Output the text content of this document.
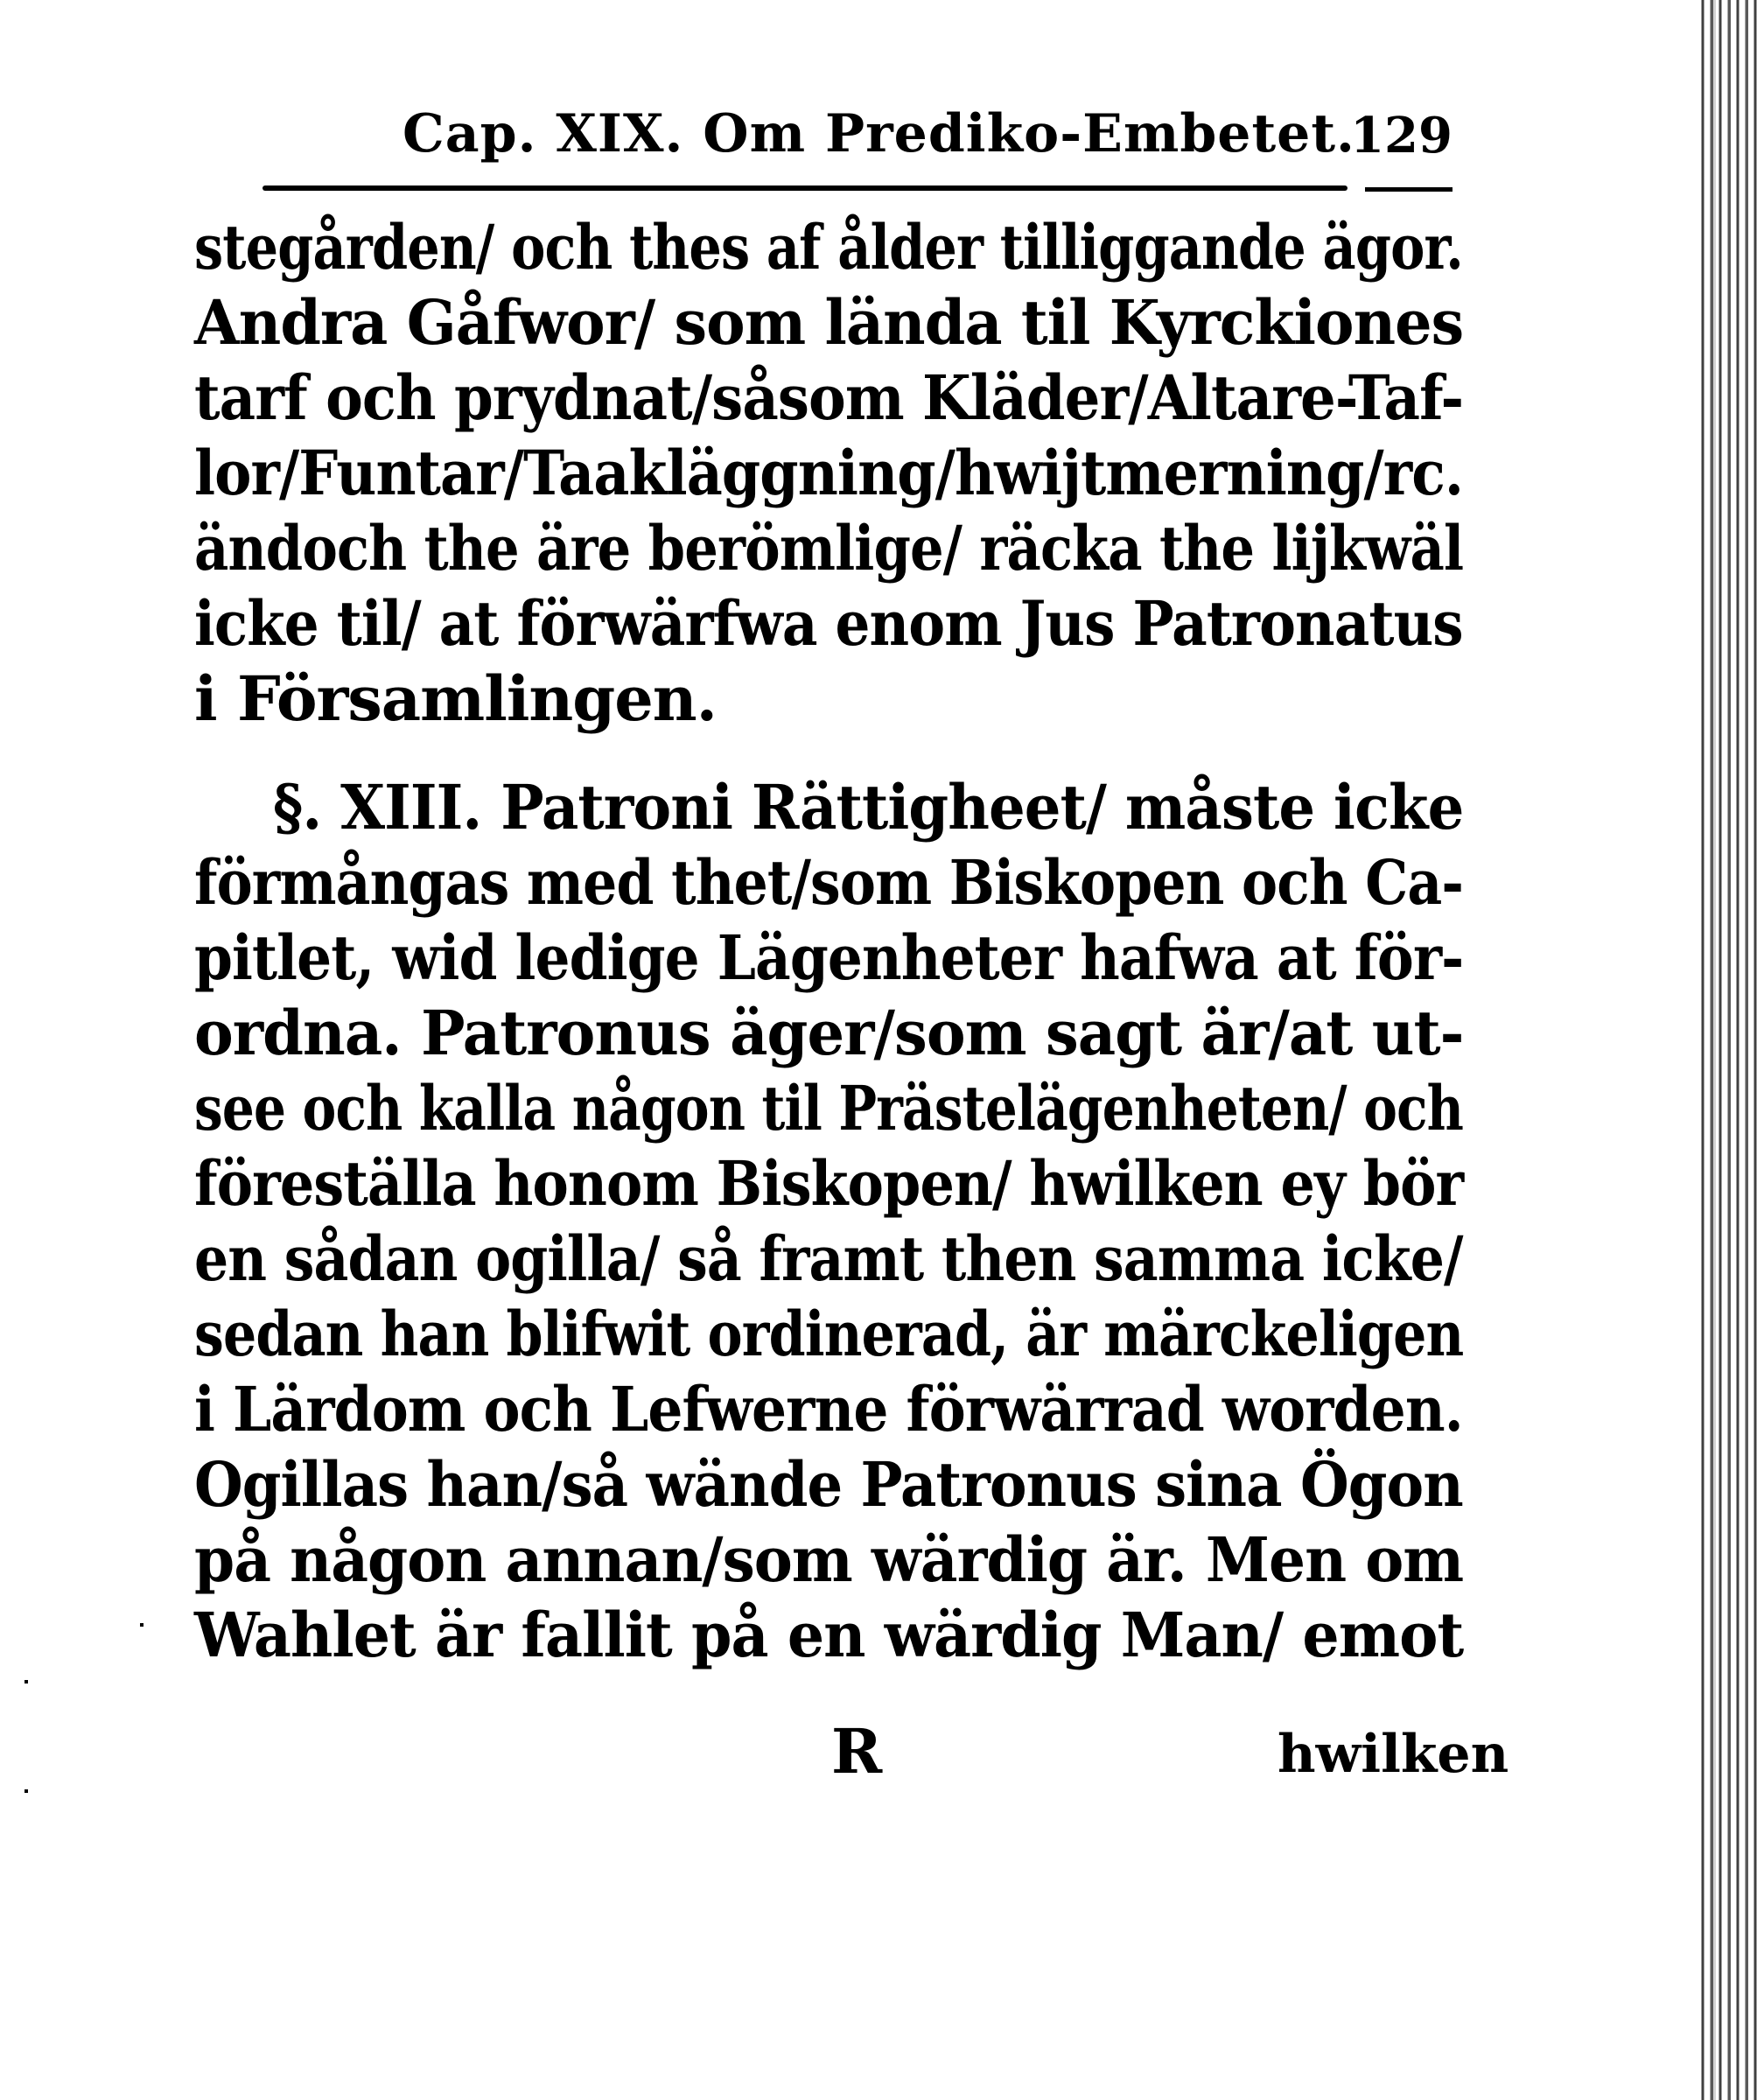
Cap. XIX. Om Prediko-Embetet.
129
stegården/ och thes af ålder tilliggande ägor.
Andra Gåfwor/ som lända til Kyrckiones
tarf och prydnat/såsom Kläder/Altare-Taf-
lor/Funtar/Taakläggning/hwijtmerning/rc.
ändoch the äre berömlige/ räcka the lijkwäl
icke til/ at förwärfwa enom Jus Patronatus
i Församlingen.
§. XIII. Patroni Rättigheet/ måste icke
förmångas med thet/som Biskopen och Ca-
pitlet, wid ledige Lägenheter hafwa at för-
ordna. Patronus äger/som sagt är/at ut-
see och kalla någon til Prästelägenheten/ och
föreställa honom Biskopen/ hwilken ey bör
en sådan ogilla/ så framt then samma icke/
sedan han blifwit ordinerad, är märckeligen
i Lärdom och Lefwerne förwärrad worden.
Ogillas han/så wände Patronus sina Ögon
på någon annan/som wärdig är. Men om
Wahlet är fallit på en wärdig Man/ emot
R	hwilken
